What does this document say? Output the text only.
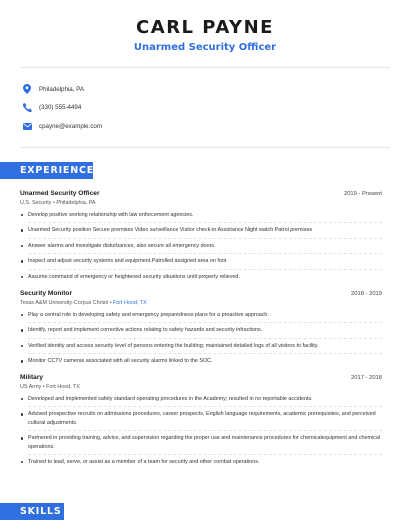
CARL PAYNE
Unarmed Security Officer
Philadelphia, PA
(330) 555-4494
cpayne@example.com
EXPERIENCE
Unarmed Security Officer	2019 - Present
U.S. Security • Philadelphia, PA
Develop positive working relationship with law enforcement agencies.
Unarmed Security position Secure premises Video surveillance Visitor check-in Assistance Night watch Patrol premises
Answer alarms and investigate disturbances, also secure all emergency doors.
Inspect and adjust security systems and equipment.Patrolled assigned area on foot
Assume command of emergency or heightened security situations until properly relieved.
Security Monitor	2018 - 2019
Texas A&M University-Corpus Christi • Fort Hood, TX
Play a central role in developing safety and emergency preparedness plans for a proactive approach.
Identify, report and implement corrective actions relating to safety hazards and security infractions.
Verified identity and access security level of persons entering the building; maintained detailed logs of all visitors to facility.
Monitor CCTV cameras associated with all security alarms linked to the SOC.
Military	2017 - 2018
US Army • Fort Hood, TX
Developed and implemented safety standard operating procedures in the Academy; resulted in no reportable accidents.
Advised prospective recruits on admissions procedures, career prospects, English language requirements, academic prerequisites, and perceived cultural adjustments.
Partnered in providing training, advice, and supervision regarding the proper use and maintenance procedures for chemicalequipment and chemical operations.
Trained to lead, serve, or assist as a member of a team for security and other combat operations.
SKILLS
